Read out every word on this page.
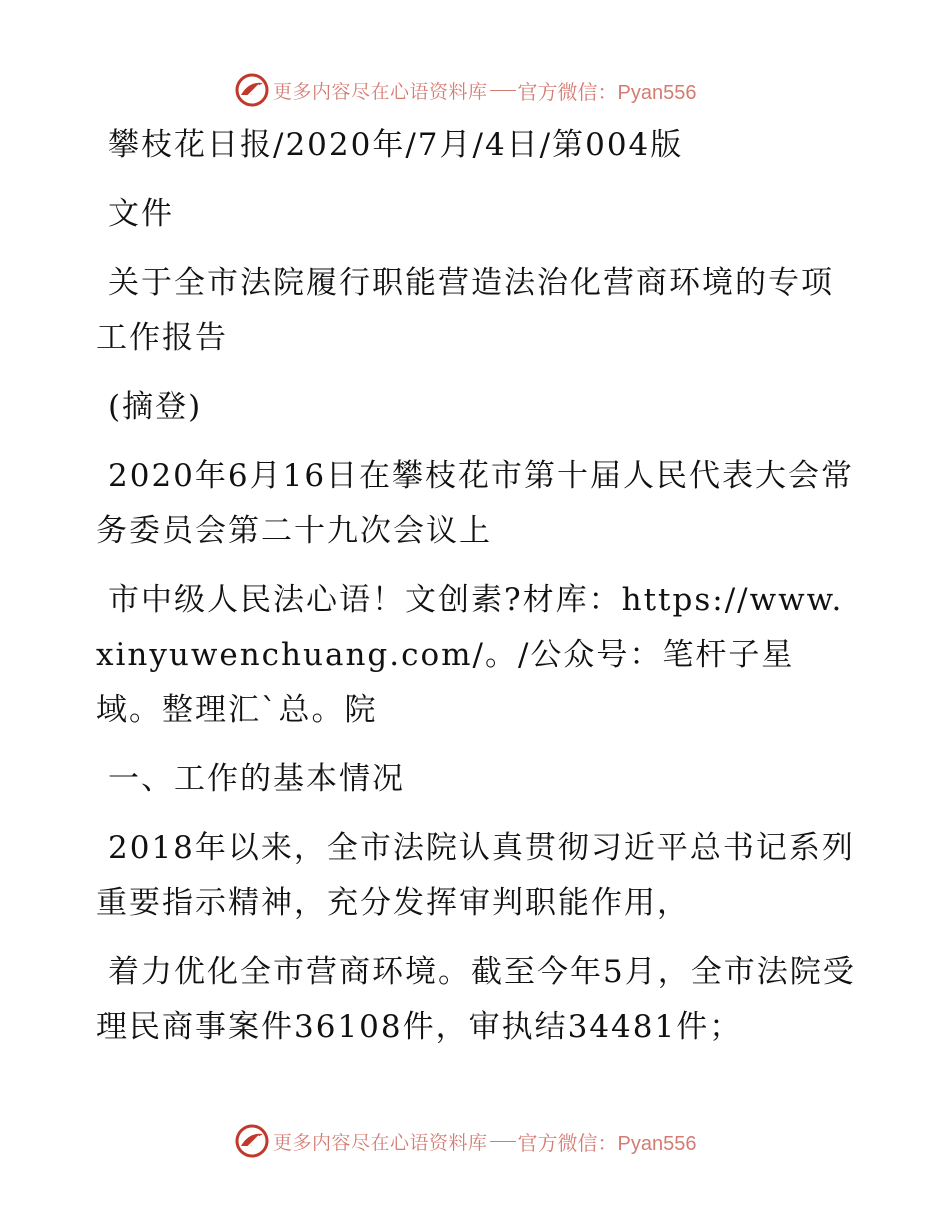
更多内容尽在心语资料库 官方微信：Pyan556

攀枝花日报/2020年/7月/4日/第004版

文件

关于全市法院履行职能营造法治化营商环境的专项工作报告

(摘登)

2020年6月16日在攀枝花市第十届人民代表大会常务委员会第二十九次会议上

市中级人民法心语！文创素?材库：https://www.xinyuwenchuang.com/。/公众号：笔杆子星域。整理汇`总。院

一、工作的基本情况

2018年以来，全市法院认真贯彻习近平总书记系列重要指示精神，充分发挥审判职能作用，

着力优化全市营商环境。截至今年5月，全市法院受理民商事案件36108件，审执结34481件；

更多内容尽在心语资料库 官方微信：Pyan556
